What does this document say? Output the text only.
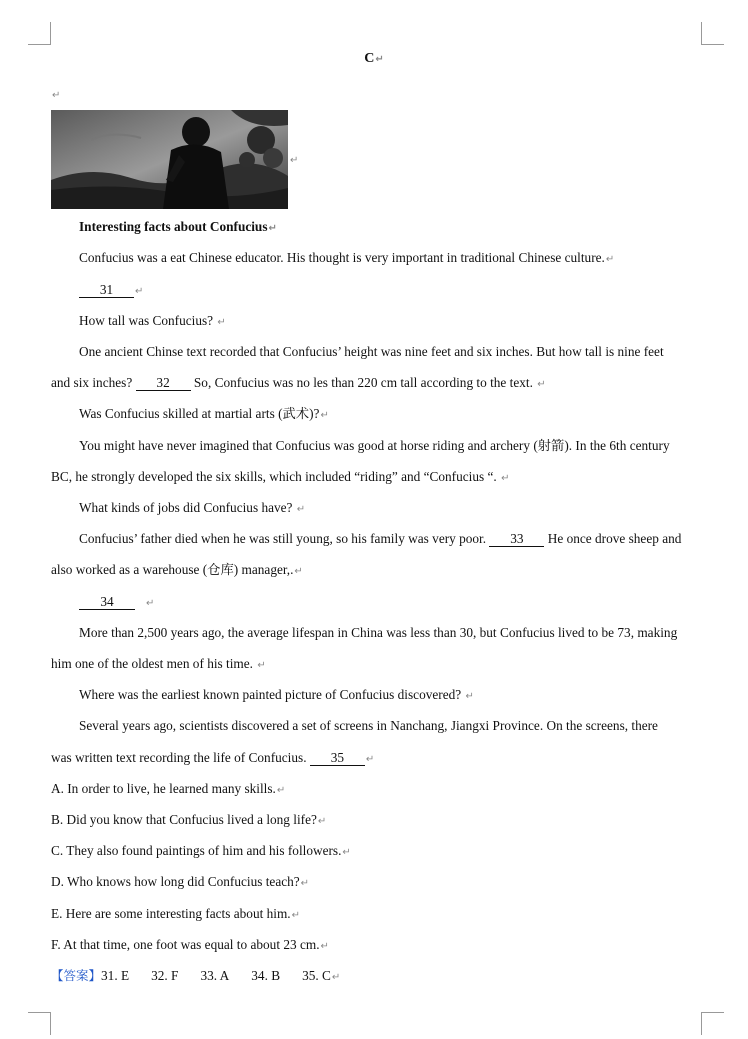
C↵
↵
↵
Interesting facts about Confucius↵
Confucius was a eat Chinese educator. His thought is very important in traditional Chinese culture.↵
31 ↵
How tall was Confucius? ↵
One ancient Chinse text recorded that Confucius’ height was nine feet and six inches. But how tall is nine feet
and six inches? 32 So, Confucius was no les than 220 cm tall according to the text. ↵
Was Confucius skilled at martial arts (武术)?↵
You might have never imagined that Confucius was good at horse riding and archery (射箭). In the 6th century
BC, he strongly developed the six skills, which included “riding” and “Confucius “. ↵
What kinds of jobs did Confucius have? ↵
Confucius’ father died when he was still young, so his family was very poor. 33 He once drove sheep and
also worked as a warehouse (仓库) manager,.↵
34	↵
More than 2,500 years ago, the average lifespan in China was less than 30, but Confucius lived to be 73, making
him one of the oldest men of his time. ↵
Where was the earliest known painted picture of Confucius discovered? ↵
Several years ago, scientists discovered a set of screens in Nanchang, Jiangxi Province. On the screens, there
was written text recording the life of Confucius. 35 ↵
A. In order to live, he learned many skills.↵
B. Did you know that Confucius lived a long life?↵
C. They also found paintings of him and his followers.↵
D. Who knows how long did Confucius teach?↵
E. Here are some interesting facts about him.↵
F. At that time, one foot was equal to about 23 cm.↵
【答案】31. E 32. F 33. A 34. B 35. C↵
